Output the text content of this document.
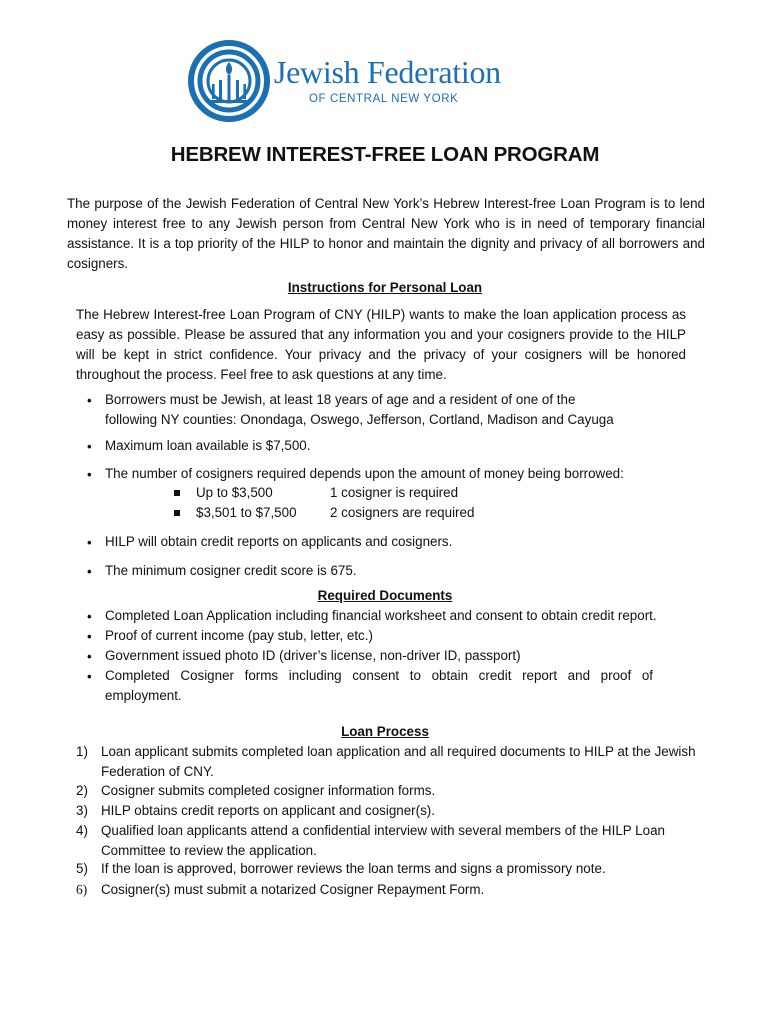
Jewish Federation
OF CENTRAL NEW YORK
HEBREW INTEREST-FREE LOAN PROGRAM
The purpose of the Jewish Federation of Central New York’s Hebrew Interest-free Loan Program is to lend money interest free to any Jewish person from Central New York who is in need of temporary financial assistance. It is a top priority of the HILP to honor and maintain the dignity and privacy of all borrowers and cosigners.
Instructions for Personal Loan
The Hebrew Interest-free Loan Program of CNY (HILP) wants to make the loan application process as easy as possible. Please be assured that any information you and your cosigners provide to the HILP will be kept in strict confidence. Your privacy and the privacy of your cosigners will be honored throughout the process. Feel free to ask questions at any time.
• Borrowers must be Jewish, at least 18 years of age and a resident of one of the following NY counties: Onondaga, Oswego, Jefferson, Cortland, Madison and Cayuga
• Maximum loan available is $7,500.
• The number of cosigners required depends upon the amount of money being borrowed:
Up to $3,500	1 cosigner is required
$3,501 to $7,500 2 cosigners are required
• HILP will obtain credit reports on applicants and cosigners.
• The minimum cosigner credit score is 675.
Required Documents
• Completed Loan Application including financial worksheet and consent to obtain credit report.
• Proof of current income (pay stub, letter, etc.)
• Government issued photo ID (driver’s license, non-driver ID, passport)
• Completed Cosigner forms including consent to obtain credit report and proof of employment.
Loan Process
1) Loan applicant submits completed loan application and all required documents to HILP at the Jewish Federation of CNY.
2) Cosigner submits completed cosigner information forms.
3) HILP obtains credit reports on applicant and cosigner(s).
4) Qualified loan applicants attend a confidential interview with several members of the HILP Loan Committee to review the application.
5) If the loan is approved, borrower reviews the loan terms and signs a promissory note.
6) Cosigner(s) must submit a notarized Cosigner Repayment Form.
